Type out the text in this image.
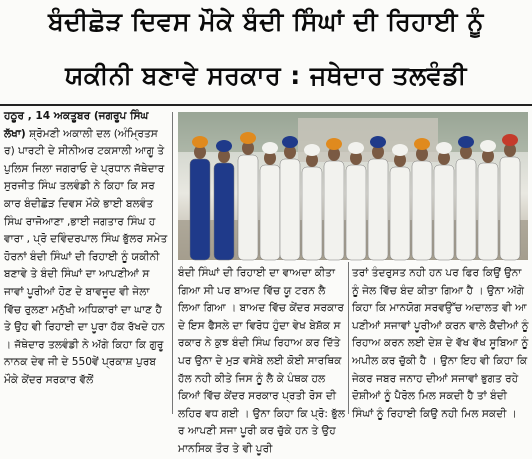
ਬੰਦੀਛੋੜ ਦਿਵਸ ਮੌਕੇ ਬੰਦੀ ਸਿੰਘਾਂ ਦੀ ਰਿਹਾਈ ਨੂੰ
ਯਕੀਨੀ ਬਣਾਵੇ ਸਰਕਾਰ : ਜਥੇਦਾਰ ਤਲਵੰਡੀ

ਹਠੂਰ , 14 ਅਕਤੂਬਰ (ਜਗਰੂਪ ਸਿੰਘ ਲੱਖਾ) ਸ਼੍ਰੋਮਣੀ ਅਕਾਲੀ ਦਲ (ਅੰਮ੍ਰਿਤਸਰ) ਪਾਰਟੀ ਦੇ ਸੀਨੀਅਰ ਟਕਸਾਲੀ ਆਗੂ ਤੇ ਪੁਲਿਸ ਜਿਲਾ ਜਗਰਾਓ ਦੇ ਪ੍ਰਧਾਨ ਜੱਥੇਦਾਰ ਸੁਰਜੀਤ ਸਿੰਘ ਤਲਵੰਡੀ ਨੇ ਕਿਹਾ ਕਿ ਸਰਕਾਰ ਬੰਦੀਛੋੜ ਦਿਵਸ ਮੌਕੇ ਭਾਈ ਬਲਵੰਤ ਸਿੰਘ ਰਾਜੋਆਣਾ ,ਭਾਈ ਜਗਤਾਰ ਸਿੰਘ ਹਵਾਰਾ , ਪ੍ਰੋ ਦਵਿੰਦਰਪਾਲ ਸਿੰਘ ਭੁੱਲਰ ਸਮੇਤ ਹੋਰਨਾਂ ਬੰਦੀ ਸਿੰਘਾਂ ਦੀ ਰਿਹਾਈ ਨੂੰ ਯਕੀਨੀ ਬਣਾਵੇ ਤੇ ਬੰਦੀ ਸਿੰਘਾਂ ਦਾ ਆਪਣੀਆਂ ਸਜਾਵਾਂ ਪੂਰੀਆਂ ਹੋਣ ਦੇ ਬਾਵਜੂਦ ਵੀ ਜੇਲਾ ਵਿੱਚ ਰੁਲਣਾ ਮਨੁੱਖੀ ਅਧਿਕਾਰਾਂ ਦਾ ਘਾਣ ਹੈ ਤੇ ਉਹ ਵੀ ਰਿਹਾਈ ਦਾ ਪੂਰਾ ਹੱਕ ਰੱਖਦੇ ਹਨ । ਜੱਥੇਦਾਰ ਤਲਵੰਡੀ ਨੇ ਅੱਗੇ ਕਿਹਾ ਕਿ ਗੁਰੂ ਨਾਨਕ ਦੇਵ ਜੀ ਦੇ 550ਵੇਂ ਪ੍ਰਕਾਸ਼ ਪੁਰਬ ਮੌਕੇ ਕੇਂਦਰ ਸਰਕਾਰ ਵੱਲੋਂ

ਬੰਦੀ ਸਿੰਘਾਂ ਦੀ ਰਿਹਾਈ ਦਾ ਵਾਅਦਾ ਕੀਤਾ ਗਿਆ ਸੀ ਪਰ ਬਾਅਦ ਵਿੱਚ ਯੂ ਟਰਨ ਲੈ ਲਿਆ ਗਿਆ । ਬਾਅਦ ਵਿੱਚ ਕੇਂਦਰ ਸਰਕਾਰ ਦੇ ਇਸ ਫੈਸਲੇ ਦਾ ਵਿਰੋਧ ਹੁੰਦਾ ਵੇਖ ਬੇਸ਼ੱਕ ਸਰਕਾਰ ਨੇ ਕੁਝ ਬੰਦੀ ਸਿੰਘ ਰਿਹਾਅ ਕਰ ਦਿੱਤੇ ਪਰ ਉਨਾ ਦੇ ਮੁੜ ਵਸੇਬੇ ਲਈ ਕੋਈ ਸਾਰਥਿਕ ਹੱਲ ਨਹੀ ਕੀਤੇ ਜਿਸ ਨੂੰ ਲੈ ਕੇ ਪੰਥਕ ਹਲਕਿਆਂ ਵਿੱਚ ਕੇਂਦਰ ਸਰਕਾਰ ਪ੍ਰਤੀ ਰੋਸ ਦੀ ਲਹਿਰ ਵਧ ਗਈ । ਉਨਾ ਕਿਹਾ ਕਿ ਪ੍ਰੋ: ਭੁੱਲਰ ਆਪਣੀ ਸਜਾ ਪੂਰੀ ਕਰ ਚੁੱਕੇ ਹਨ ਤੇ ਉਹ ਮਾਨਸਿਕ ਤੌਰ ਤੇ ਵੀ ਪੂਰੀ

ਤਰਾਂ ਤੰਦਰੁਸਤ ਨਹੀ ਹਨ ਪਰ ਫਿਰ ਕਿਉਂ ਉਨਾ ਨੂੰ ਜੇਲ ਵਿੱਚ ਬੰਦ ਕੀਤਾ ਗਿਆ ਹੈ । ਉਨਾ ਅੱਗੇ ਕਿਹਾ ਕਿ ਮਾਨਯੋਗ ਸਰਵਉੱਚ ਅਦਾਲਤ ਵੀ ਆਪਣੀਆਂ ਸਜਾਵਾਂ ਪੂਰੀਆਂ ਕਰਨ ਵਾਲੇ ਕੈਦੀਆਂ ਨੂੰ ਰਿਹਾਅ ਕਰਨ ਲਈ ਦੇਸ਼ ਦੇ ਵੱਖ ਵੱਖ ਸੂਬਿਆ ਨੂੰ ਅਪੀਲ ਕਰ ਚੁੱਕੀ ਹੈ । ਉਨਾ ਇਹ ਵੀ ਕਿਹਾ ਕਿ ਜੇਕਰ ਜਬਰ ਜਨਾਹ ਦੀਆਂ ਸਜਾਵਾਂ ਭੁਗਤ ਰਹੇ ਦੋਸ਼ੀਆਂ ਨੂੰ ਪੈਰੋਲ ਮਿਲ ਸਕਦੀ ਹੈ ਤਾਂ ਬੰਦੀ ਸਿੰਘਾਂ ਨੂੰ ਰਿਹਾਈ ਕਿਉ ਨਹੀ ਮਿਲ ਸਕਦੀ ।
